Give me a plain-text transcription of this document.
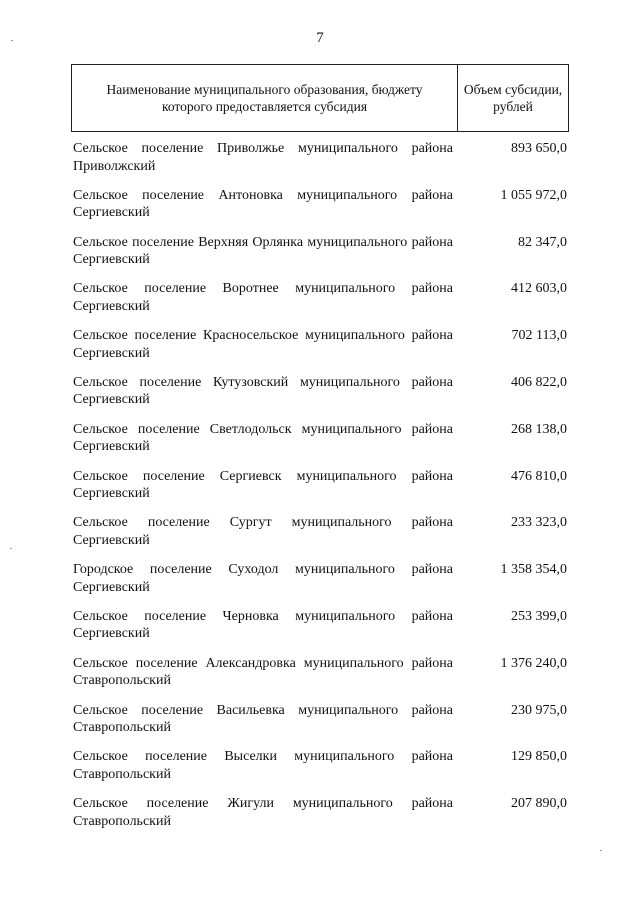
7
Наименование муниципального образования, бюджету которого предоставляется субсидия
Объем субсидии, рублей
Сельское поселение Приволжье муниципального района Приволжский
893 650,0
Сельское поселение Антоновка муниципального района Сергиевский
1 055 972,0
Сельское поселение Верхняя Орлянка муниципального района Сергиевский
82 347,0
Сельское поселение Воротнее муниципального района Сергиевский
412 603,0
Сельское поселение Красносельское муниципального района Сергиевский
702 113,0
Сельское поселение Кутузовский муниципального района Сергиевский
406 822,0
Сельское поселение Светлодольск муниципального района Сергиевский
268 138,0
Сельское поселение Сергиевск муниципального района Сергиевский
476 810,0
Сельское поселение Сургут муниципального района Сергиевский
233 323,0
Городское поселение Суходол муниципального района Сергиевский
1 358 354,0
Сельское поселение Черновка муниципального района Сергиевский
253 399,0
Сельское поселение Александровка муниципального района Ставропольский
1 376 240,0
Сельское поселение Васильевка муниципального района Ставропольский
230 975,0
Сельское поселение Выселки муниципального района Ставропольский
129 850,0
Сельское поселение Жигули муниципального района Ставропольский
207 890,0
